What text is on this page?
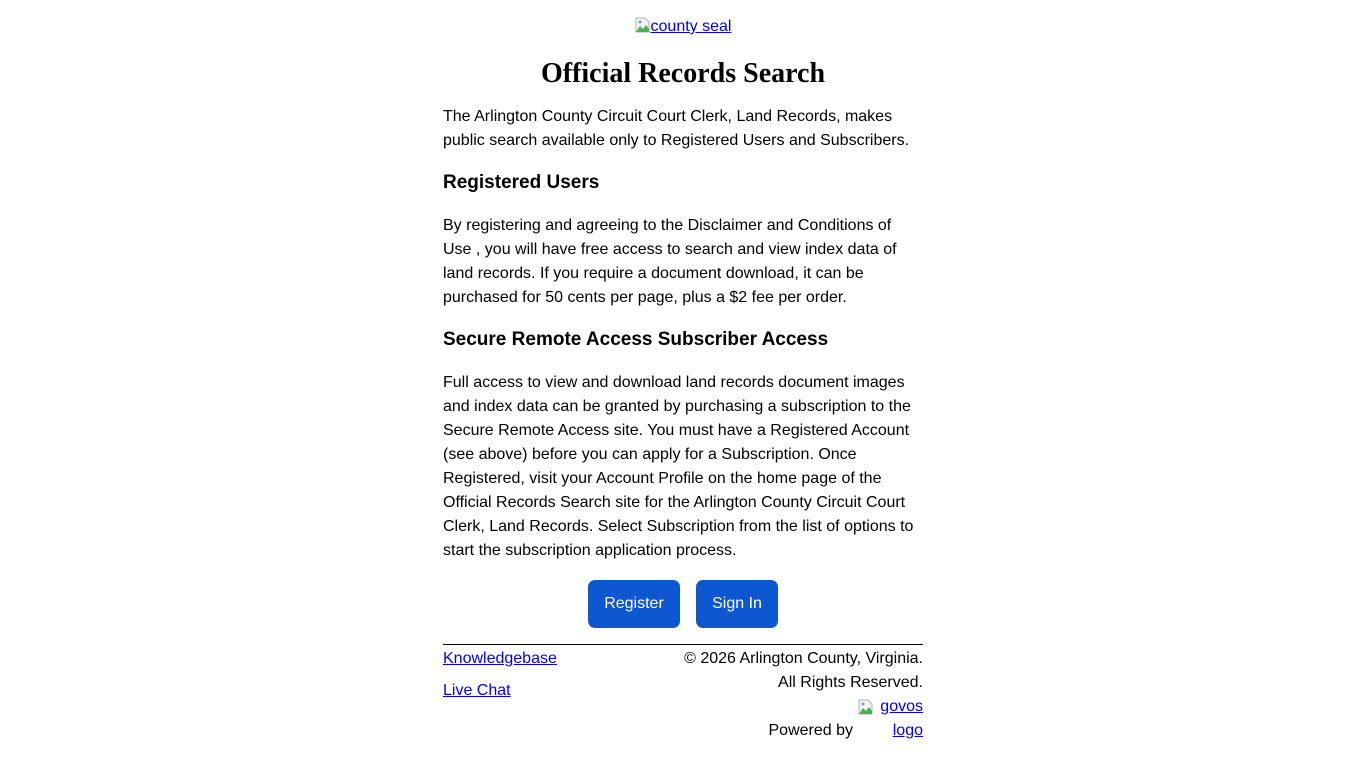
county seal
Official Records Search

The Arlington County Circuit Court Clerk, Land Records, makes public search available only to Registered Users and Subscribers.

Registered Users

By registering and agreeing to the Disclaimer and Conditions of Use , you will have free access to search and view index data of land records. If you require a document download, it can be purchased for 50 cents per page, plus a $2 fee per order.

Secure Remote Access Subscriber Access

Full access to view and download land records document images and index data can be granted by purchasing a subscription to the Secure Remote Access site. You must have a Registered Account (see above) before you can apply for a Subscription. Once Registered, visit your Account Profile on the home page of the Official Records Search site for the Arlington County Circuit Court Clerk, Land Records. Select Subscription from the list of options to start the subscription application process.

Register	Sign In
Knowledgebase
Live Chat
© 2026 Arlington County, Virginia.
All Rights Reserved.
Powered by
govos
logo
